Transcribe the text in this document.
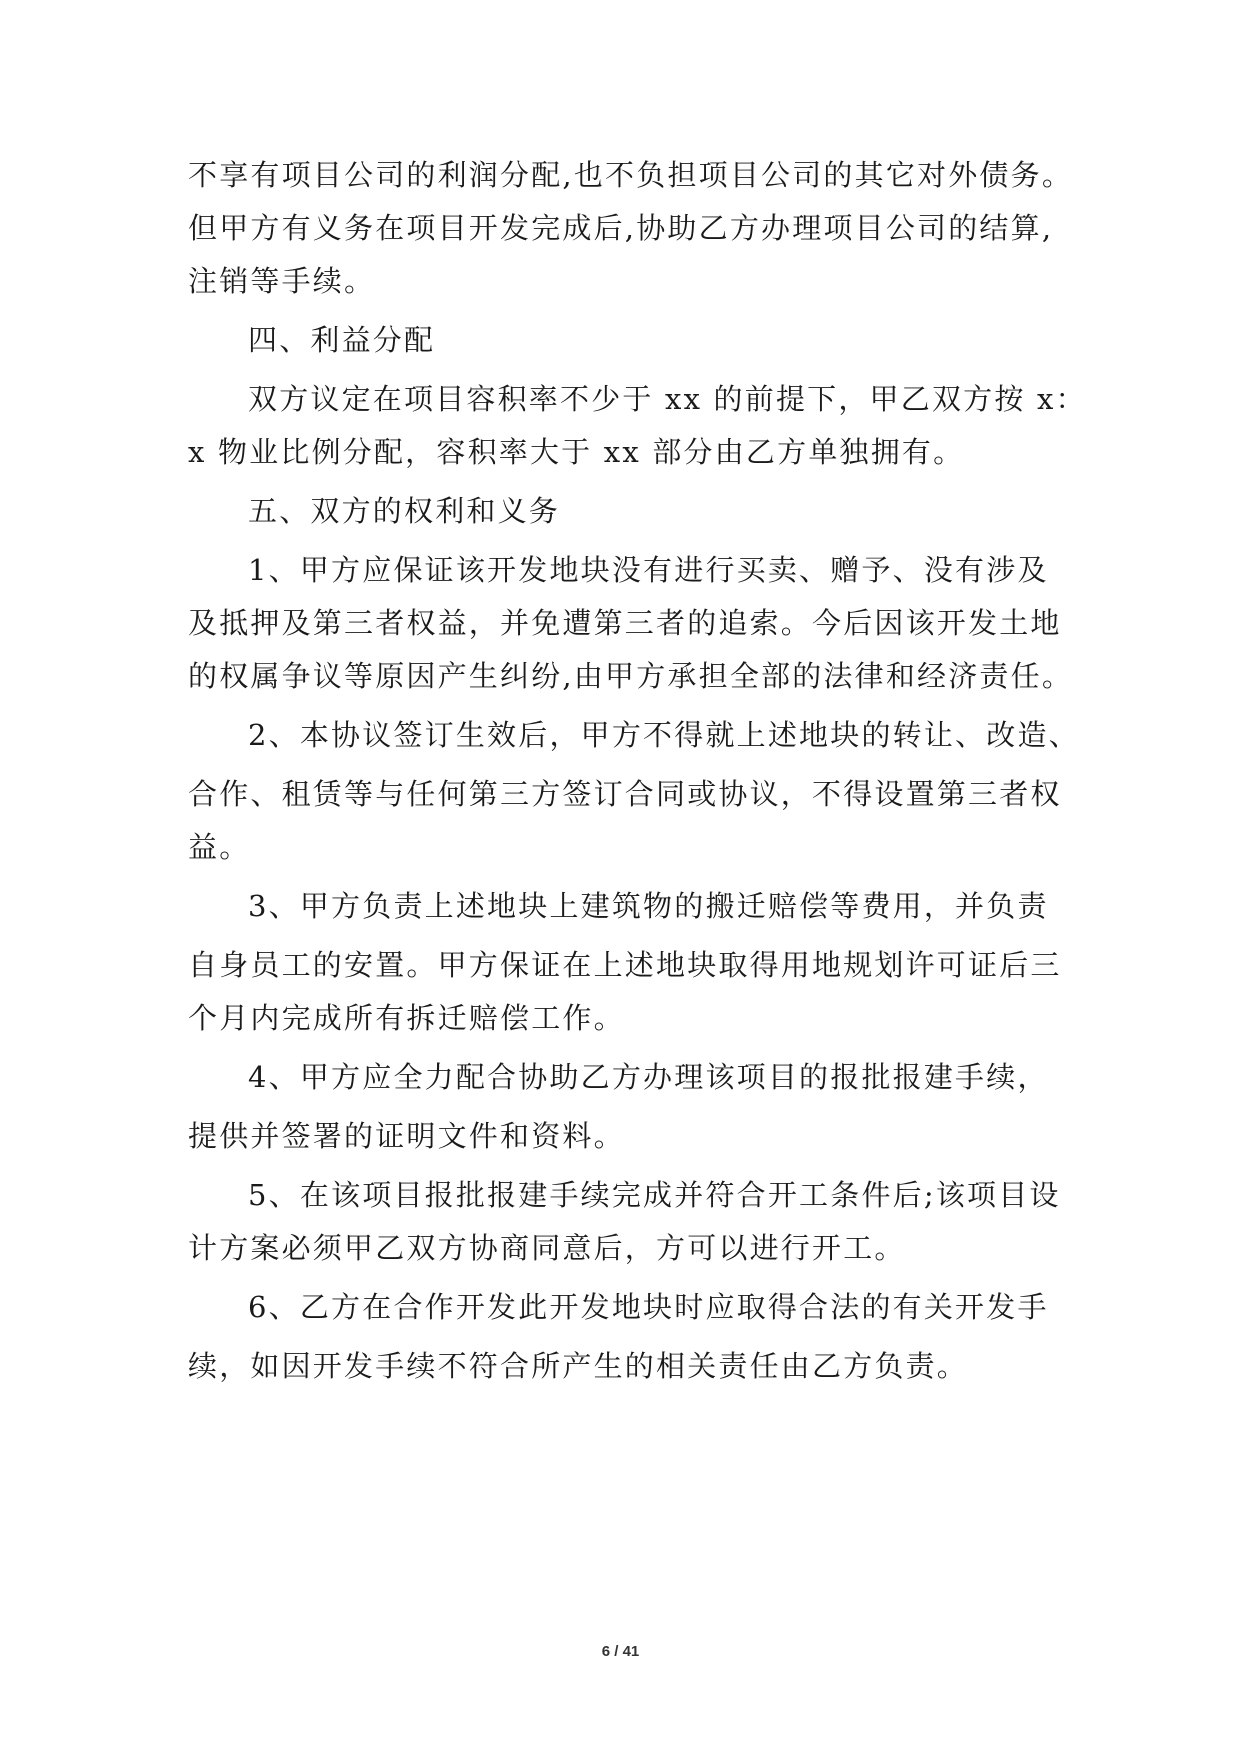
不享有项目公司的利润分配,也不负担项目公司的其它对外债务。
但甲方有义务在项目开发完成后,协助乙方办理项目公司的结算,
注销等手续。
四、利益分配
双方议定在项目容积率不少于 xx 的前提下，甲乙双方按 x：
x 物业比例分配，容积率大于 xx 部分由乙方单独拥有。
五、双方的权利和义务
1、甲方应保证该开发地块没有进行买卖、赠予、没有涉及
及抵押及第三者权益，并免遭第三者的追索。今后因该开发土地
的权属争议等原因产生纠纷,由甲方承担全部的法律和经济责任。
2、本协议签订生效后，甲方不得就上述地块的转让、改造、
合作、租赁等与任何第三方签订合同或协议，不得设置第三者权
益。
3、甲方负责上述地块上建筑物的搬迁赔偿等费用，并负责
自身员工的安置。甲方保证在上述地块取得用地规划许可证后三
个月内完成所有拆迁赔偿工作。
4、甲方应全力配合协助乙方办理该项目的报批报建手续，
提供并签署的证明文件和资料。
5、在该项目报批报建手续完成并符合开工条件后;该项目设
计方案必须甲乙双方协商同意后，方可以进行开工。
6、乙方在合作开发此开发地块时应取得合法的有关开发手
续，如因开发手续不符合所产生的相关责任由乙方负责。
6 / 41
